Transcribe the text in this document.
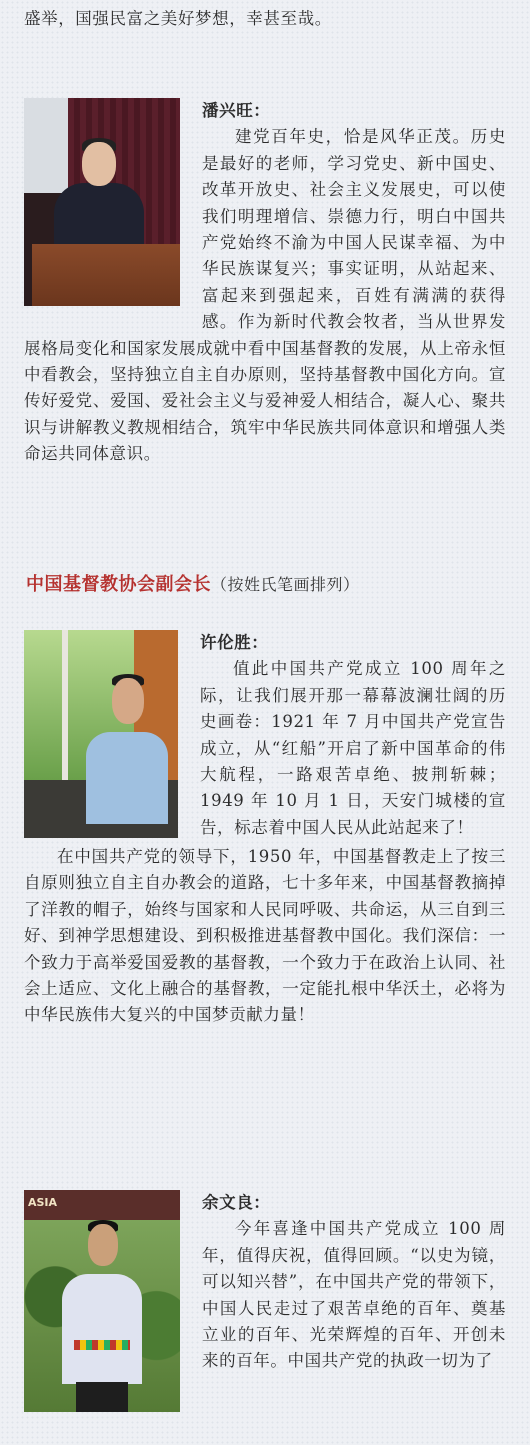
盛举，国强民富之美好梦想，幸甚至哉。

潘兴旺：
建党百年史，恰是风华正茂。历史是最好的老师，学习党史、新中国史、改革开放史、社会主义发展史，可以使我们明理增信、崇德力行，明白中国共产党始终不渝为中国人民谋幸福、为中华民族谋复兴；事实证明，从站起来、富起来到强起来，百姓有满满的获得感。作为新时代教会牧者，当从世界发展格局变化和国家发展成就中看中国基督教的发展，从上帝永恒中看教会，坚持独立自主自办原则，坚持基督教中国化方向。宣传好爱党、爱国、爱社会主义与爱神爱人相结合，凝人心、聚共识与讲解教义教规相结合，筑牢中华民族共同体意识和增强人类命运共同体意识。

中国基督教协会副会长（按姓氏笔画排列）

许伦胜：
值此中国共产党成立 100 周年之际，让我们展开那一幕幕波澜壮阔的历史画卷：1921 年 7 月中国共产党宣告成立，从“红船”开启了新中国革命的伟大航程，一路艰苦卓绝、披荆斩棘；1949 年 10 月 1 日，天安门城楼的宣告，标志着中国人民从此站起来了！

在中国共产党的领导下，1950 年，中国基督教走上了按三自原则独立自主自办教会的道路，七十多年来，中国基督教摘掉了洋教的帽子，始终与国家和人民同呼吸、共命运，从三自到三好、到神学思想建设、到积极推进基督教中国化。我们深信：一个致力于高举爱国爱教的基督教，一个致力于在政治上认同、社会上适应、文化上融合的基督教，一定能扎根中华沃土，必将为中华民族伟大复兴的中国梦贡献力量！

ASIA	余文良：
今年喜逢中国共产党成立 100 周年，值得庆祝，值得回顾。“以史为镜，可以知兴替”，在中国共产党的带领下，中国人民走过了艰苦卓绝的百年、奠基立业的百年、光荣辉煌的百年、开创未来的百年。中国共产党的执政一切为了
